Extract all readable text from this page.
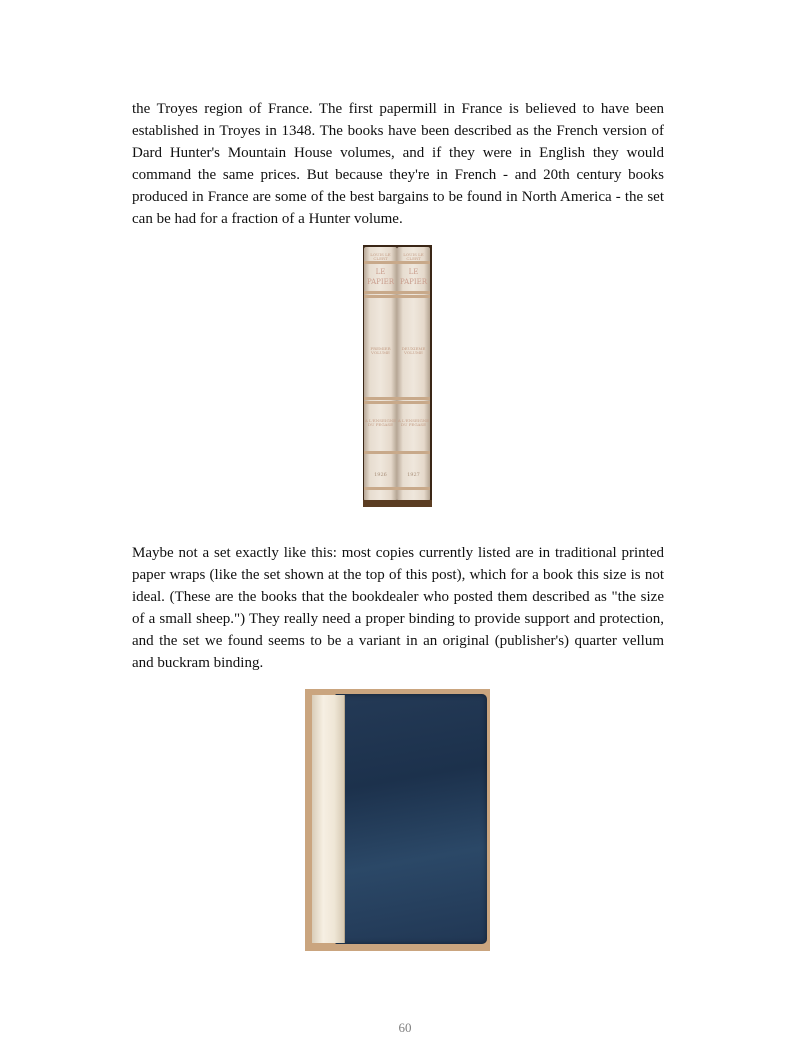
the Troyes region of France. The first papermill in France is believed to have been established in Troyes in 1348. The books have been described as the French version of Dard Hunter's Mountain House volumes, and if they were in English they would command the same prices. But because they're in French - and 20th century books produced in France are some of the best bargains to be found in North America - the set can be had for a fraction of a Hunter volume.

LOUIS LE CLERT
LE
PAPIER
PREMIER VOLUME
A L'ENSEIGNE DU PEGASE
1926
LOUIS LE CLERT
LE
PAPIER
DEUXIEME VOLUME
A L'ENSEIGNE DU PEGASE
1927

Maybe not a set exactly like this: most copies currently listed are in traditional printed paper wraps (like the set shown at the top of this post), which for a book this size is not ideal. (These are the books that the bookdealer who posted them described as "the size of a small sheep.") They really need a proper binding to provide support and protection, and the set we found seems to be a variant in an original (publisher's) quarter vellum and buckram binding.

60
